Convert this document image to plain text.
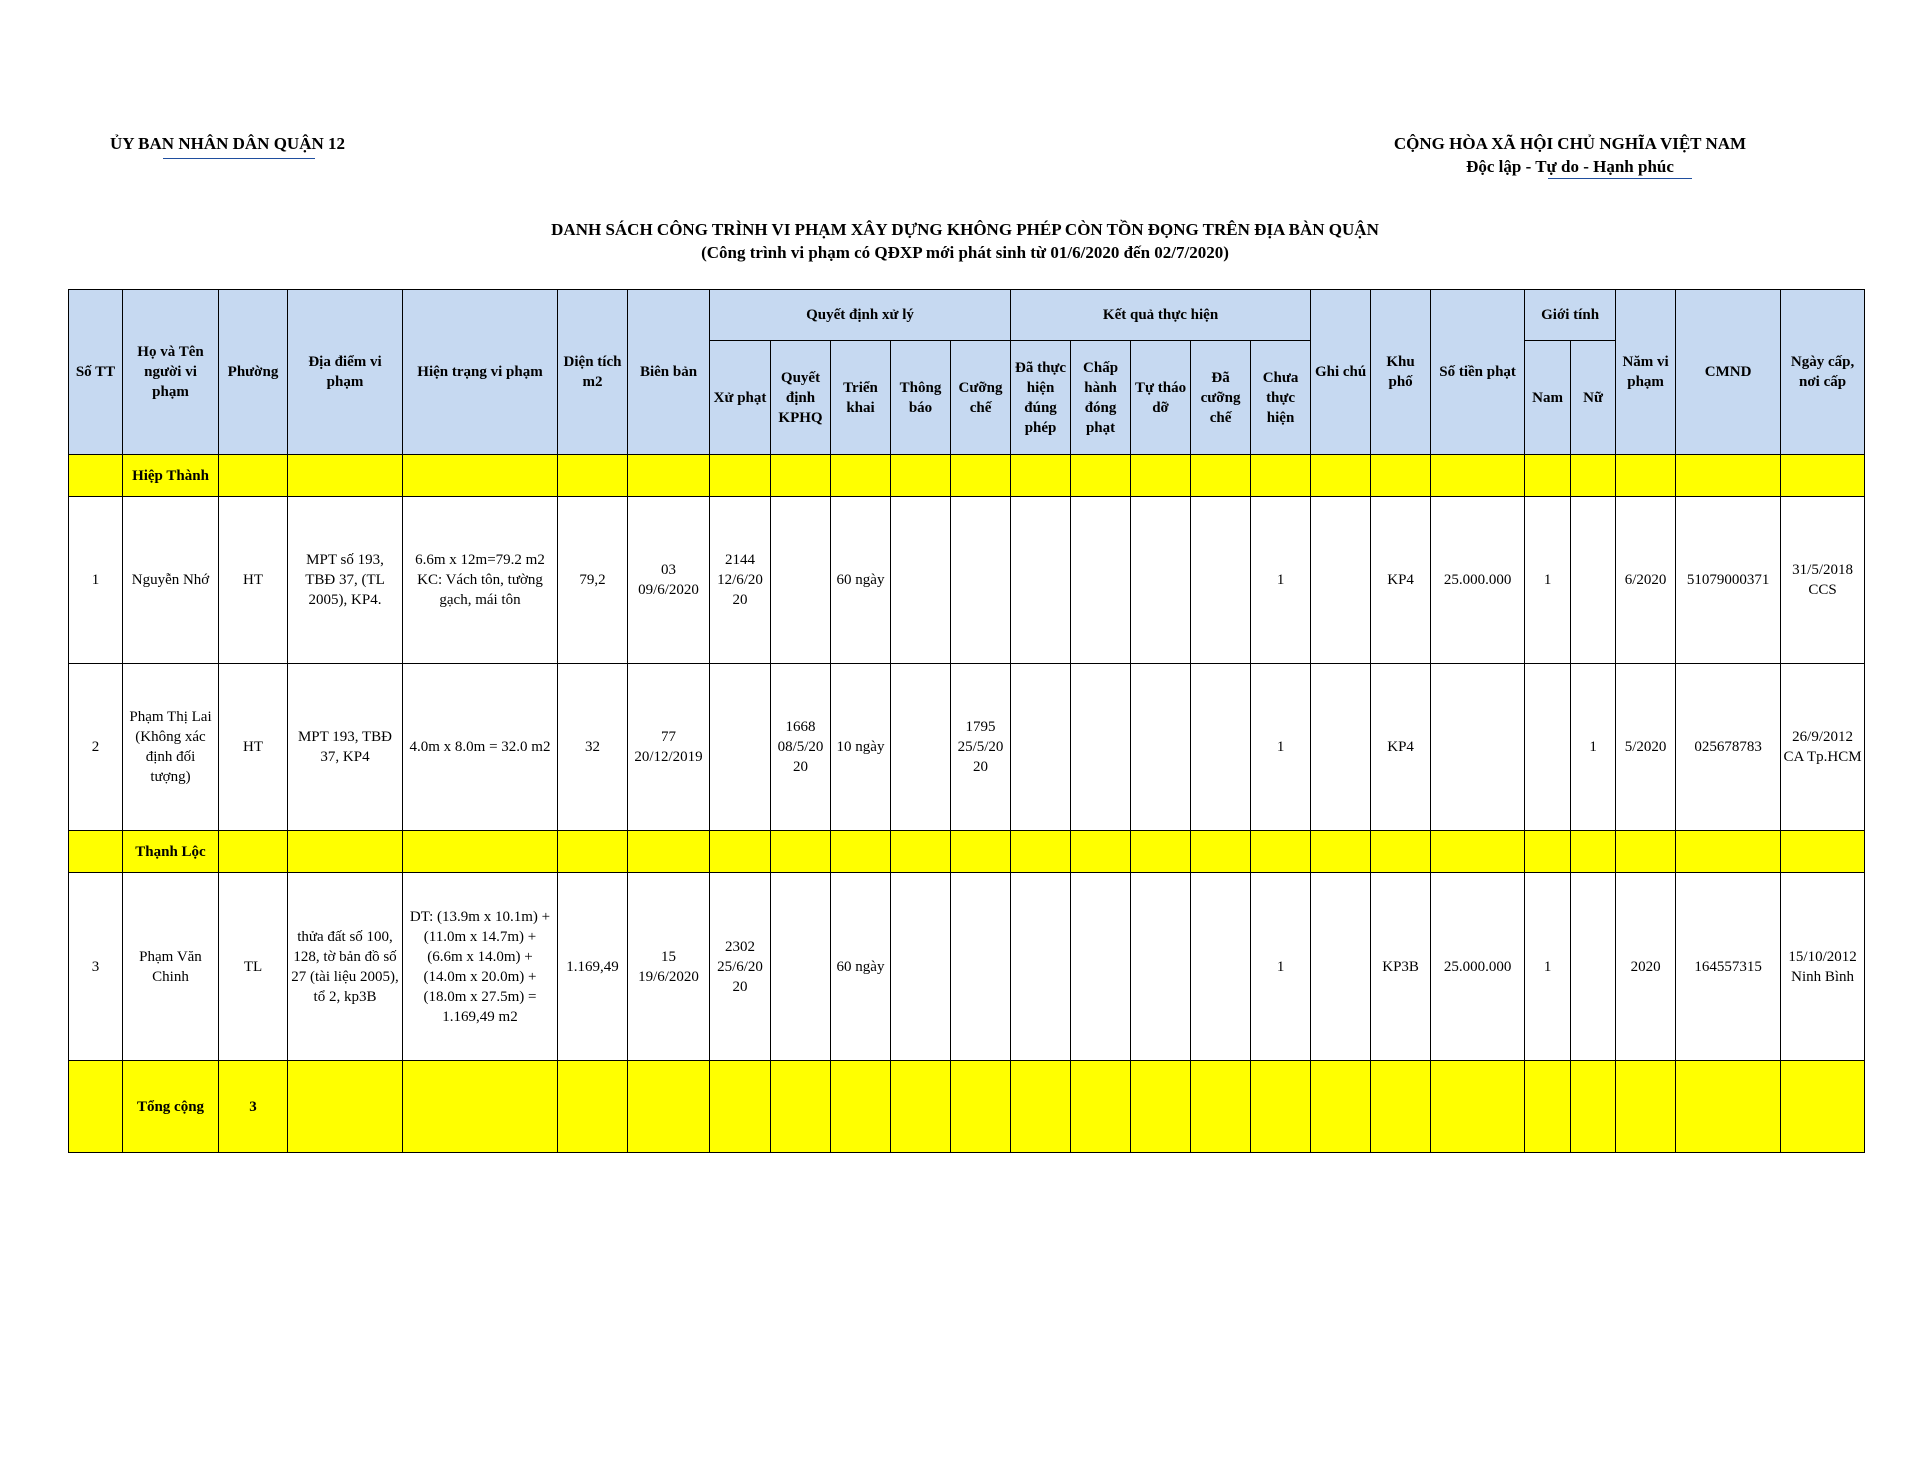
ỦY BAN NHÂN DÂN QUẬN 12	CỘNG HÒA XÃ HỘI CHỦ NGHĨA VIỆT NAM
Độc lập - Tự do - Hạnh phúc
DANH SÁCH CÔNG TRÌNH VI PHẠM XÂY DỰNG KHÔNG PHÉP CÒN TỒN ĐỌNG TRÊN ĐỊA BÀN QUẬN
(Công trình vi phạm có QĐXP mới phát sinh từ 01/6/2020 đến 02/7/2020)
Số TT	Họ và Tên người vi phạm	Phường	Địa điểm vi phạm	Hiện trạng vi phạm	Diện tích m2	Biên bản	Quyết định xử lý					Kết quả thực hiện					Ghi chú	Khu phố	Số tiền phạt	Giới tính		Năm vi phạm	CMND	Ngày cấp, nơi cấp
							Xử phạt	Quyết định KPHQ	Triển khai	Thông báo	Cưỡng chế	Đã thực hiện đúng phép	Chấp hành đóng phạt	Tự tháo dỡ	Đã cưỡng chế	Chưa thực hiện				Nam	Nữ			
	Hiệp Thành																							
1	Nguyễn Nhớ	HT	MPT số 193, TBĐ 37, (TL 2005), KP4.	6.6m x 12m=79.2 m2 KC: Vách tôn, tường gạch, mái tôn	79,2	03 09/6/2020	2144 12/6/20 20		60 ngày							1		KP4	25.000.000	1		6/2020	51079000371	31/5/2018 CCS
2	Phạm Thị Lai (Không xác định đối tượng)	HT	MPT 193, TBĐ 37, KP4	4.0m x 8.0m = 32.0 m2	32	77 20/12/2019		1668 08/5/20 20	10 ngày		1795 25/5/20 20					1		KP4			1	5/2020	025678783	26/9/2012 CA Tp.HCM
	Thạnh Lộc																							
3	Phạm Văn Chinh	TL	thửa đất số 100, 128, tờ bản đồ số 27 (tài liệu 2005), tổ 2, kp3B	DT: (13.9m x 10.1m) + (11.0m x 14.7m) + (6.6m x 14.0m) + (14.0m x 20.0m) + (18.0m x 27.5m) = 1.169,49 m2	1.169,49	15 19/6/2020	2302 25/6/20 20		60 ngày							1		KP3B	25.000.000	1		2020	164557315	15/10/2012 Ninh Bình
	Tổng cộng	3																						
